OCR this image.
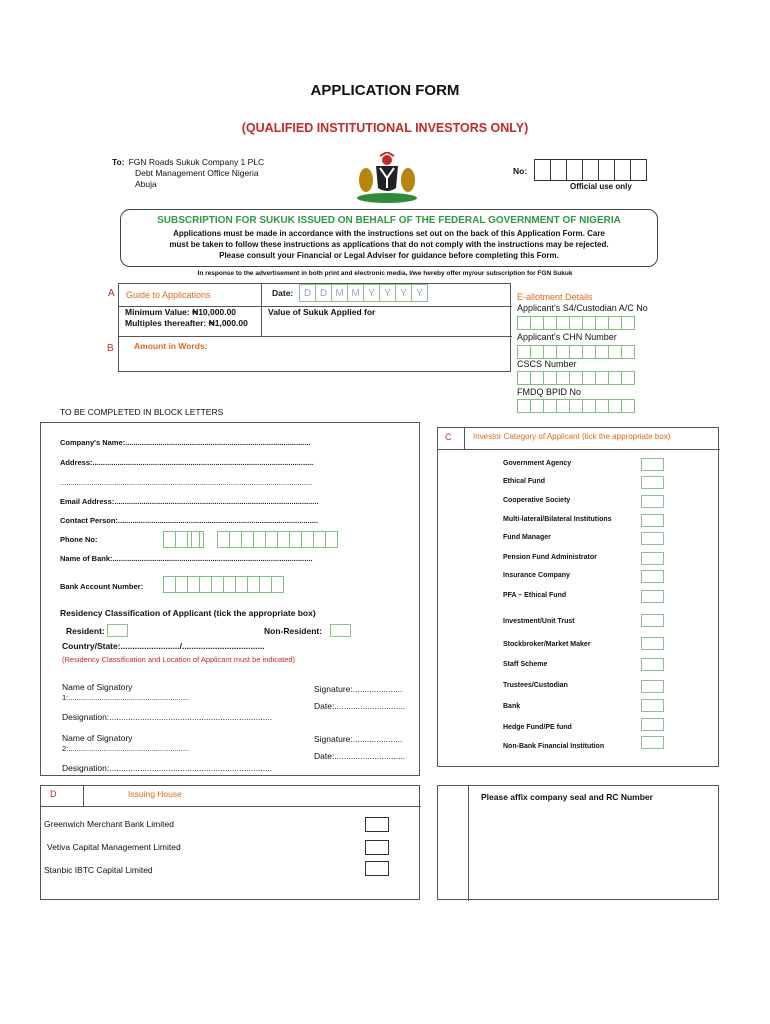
APPLICATION FORM
(QUALIFIED INSTITUTIONAL INVESTORS ONLY)
To: FGN Roads Sukuk Company 1 PLC
Debt Management Office Nigeria
Abuja
No:
Official use only
SUBSCRIPTION FOR SUKUK ISSUED ON BEHALF OF THE FEDERAL GOVERNMENT OF NIGERIA
Applications must be made in accordance with the instructions set out on the back of this Application Form. Care
must be taken to follow these instructions as applications that do not comply with the instructions may be rejected.
Please consult your Financial or Legal Adviser for guidance before completing this Form.
In response to the advertisement in both print and electronic media, I/we hereby offer my/our subscription for FGN Sukuk
A Guide to Applications	Date:	D D M M Y Y Y Y
Minimum Value: ₦10,000.00
Multiples thereafter: ₦1,000.00
Value of Sukuk Applied for
B Amount in Words:
E-allotment Details
Applicant's S4/Custodian A/C No
Applicant's CHN Number
CSCS Number
FMDQ BPID No
TO BE COMPLETED IN BLOCK LETTERS
Company's Name:.........................................................................................
Address:..........................................................................................................
.........................................................................................................................
Email Address:..................................................................................................
Contact Person:................................................................................................
Phone No:
Name of Bank:................................................................................................
Bank Account Number:
Residency Classification of Applicant (tick the appropriate box)
Resident:	Non-Resident:
Country/State:........................./...................................
(Residency Classification and Location of Applicant must be indicated)
Name of Signatory
1:..........................................................
Signature:.....................
Date:..............................
Designation:.....................................................................
Name of Signatory
2:..........................................................
Signature:.....................
Date:..............................
Designation:.....................................................................
C	Investor Category of Applicant (tick the appropriate box)
Government Agency
Ethical Fund
Cooperative Society
Multi-lateral/Bilateral Institutions
Fund Manager
Pension Fund Administrator
Insurance Company
PFA – Ethical Fund
Investment/Unit Trust
Stockbroker/Market Maker
Staff Scheme
Trustees/Custodian
Bank
Hedge Fund/PE fund
Non-Bank Financial Institution
D	Issuing House
Greenwich Merchant Bank Limited
Vetiva Capital Management Limited
Stanbic IBTC Capital Limited
Please affix company seal and RC Number
